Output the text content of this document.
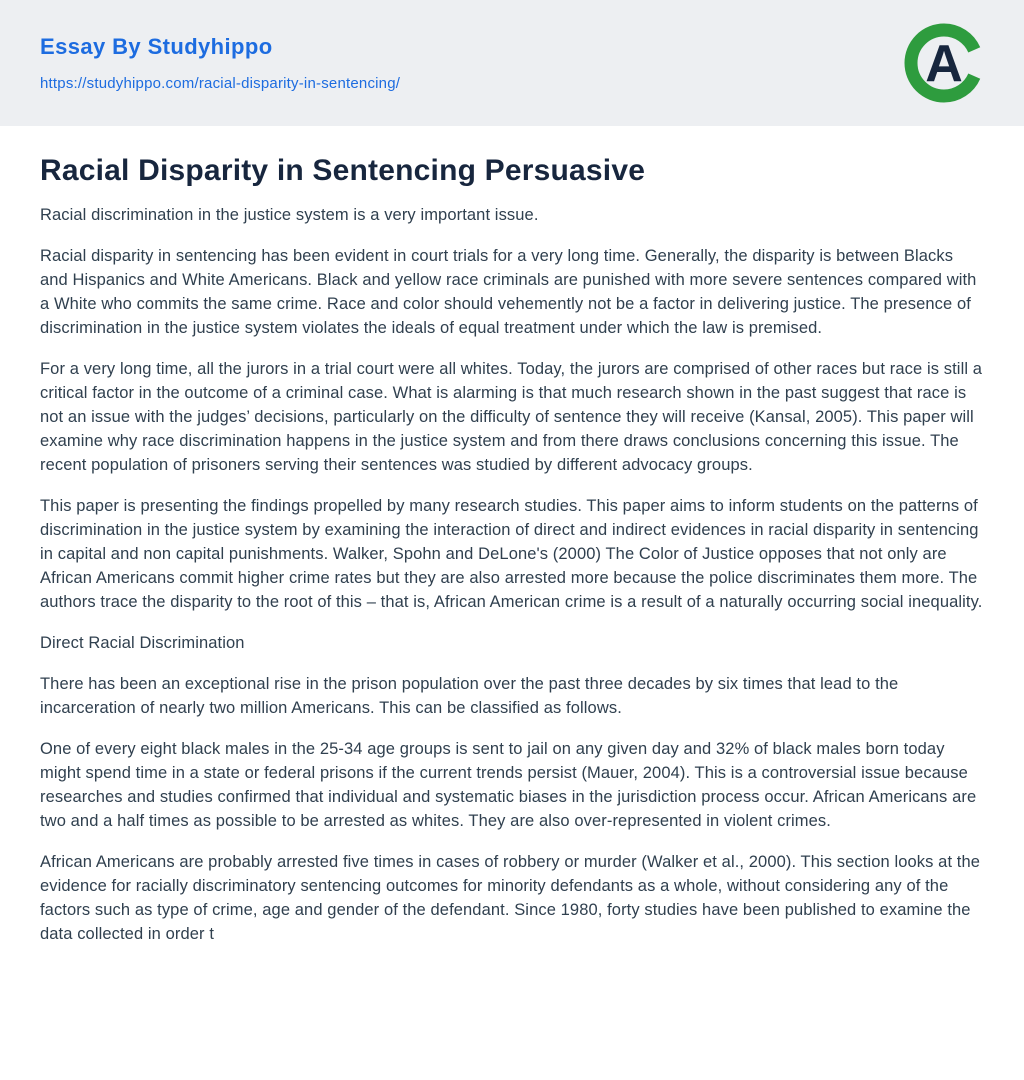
Essay By Studyhippo
https://studyhippo.com/racial-disparity-in-sentencing/	A
Racial Disparity in Sentencing Persuasive

Racial discrimination in the justice system is a very important issue.

Racial disparity in sentencing has been evident in court trials for a very long time. Generally, the disparity is between Blacks and Hispanics and White Americans. Black and yellow race criminals are punished with more severe sentences compared with a White who commits the same crime. Race and color should vehemently not be a factor in delivering justice. The presence of discrimination in the justice system violates the ideals of equal treatment under which the law is premised.

For a very long time, all the jurors in a trial court were all whites. Today, the jurors are comprised of other races but race is still a critical factor in the outcome of a criminal case. What is alarming is that much research shown in the past suggest that race is not an issue with the judges’ decisions, particularly on the difficulty of sentence they will receive (Kansal, 2005). This paper will examine why race discrimination happens in the justice system and from there draws conclusions concerning this issue. The recent population of prisoners serving their sentences was studied by different advocacy groups.

This paper is presenting the findings propelled by many research studies. This paper aims to inform students on the patterns of discrimination in the justice system by examining the interaction of direct and indirect evidences in racial disparity in sentencing in capital and non capital punishments. Walker, Spohn and DeLone's (2000) The Color of Justice opposes that not only are African Americans commit higher crime rates but they are also arrested more because the police discriminates them more. The authors trace the disparity to the root of this – that is, African American crime is a result of a naturally occurring social inequality.

Direct Racial Discrimination

There has been an exceptional rise in the prison population over the past three decades by six times that lead to the incarceration of nearly two million Americans. This can be classified as follows.

One of every eight black males in the 25-34 age groups is sent to jail on any given day and 32% of black males born today might spend time in a state or federal prisons if the current trends persist (Mauer, 2004). This is a controversial issue because researches and studies confirmed that individual and systematic biases in the jurisdiction process occur. African Americans are two and a half times as possible to be arrested as whites. They are also over-represented in violent crimes.

African Americans are probably arrested five times in cases of robbery or murder (Walker et al., 2000). This section looks at the evidence for racially discriminatory sentencing outcomes for minority defendants as a whole, without considering any of the factors such as type of crime, age and gender of the defendant. Since 1980, forty studies have been published to examine the data collected in order t
